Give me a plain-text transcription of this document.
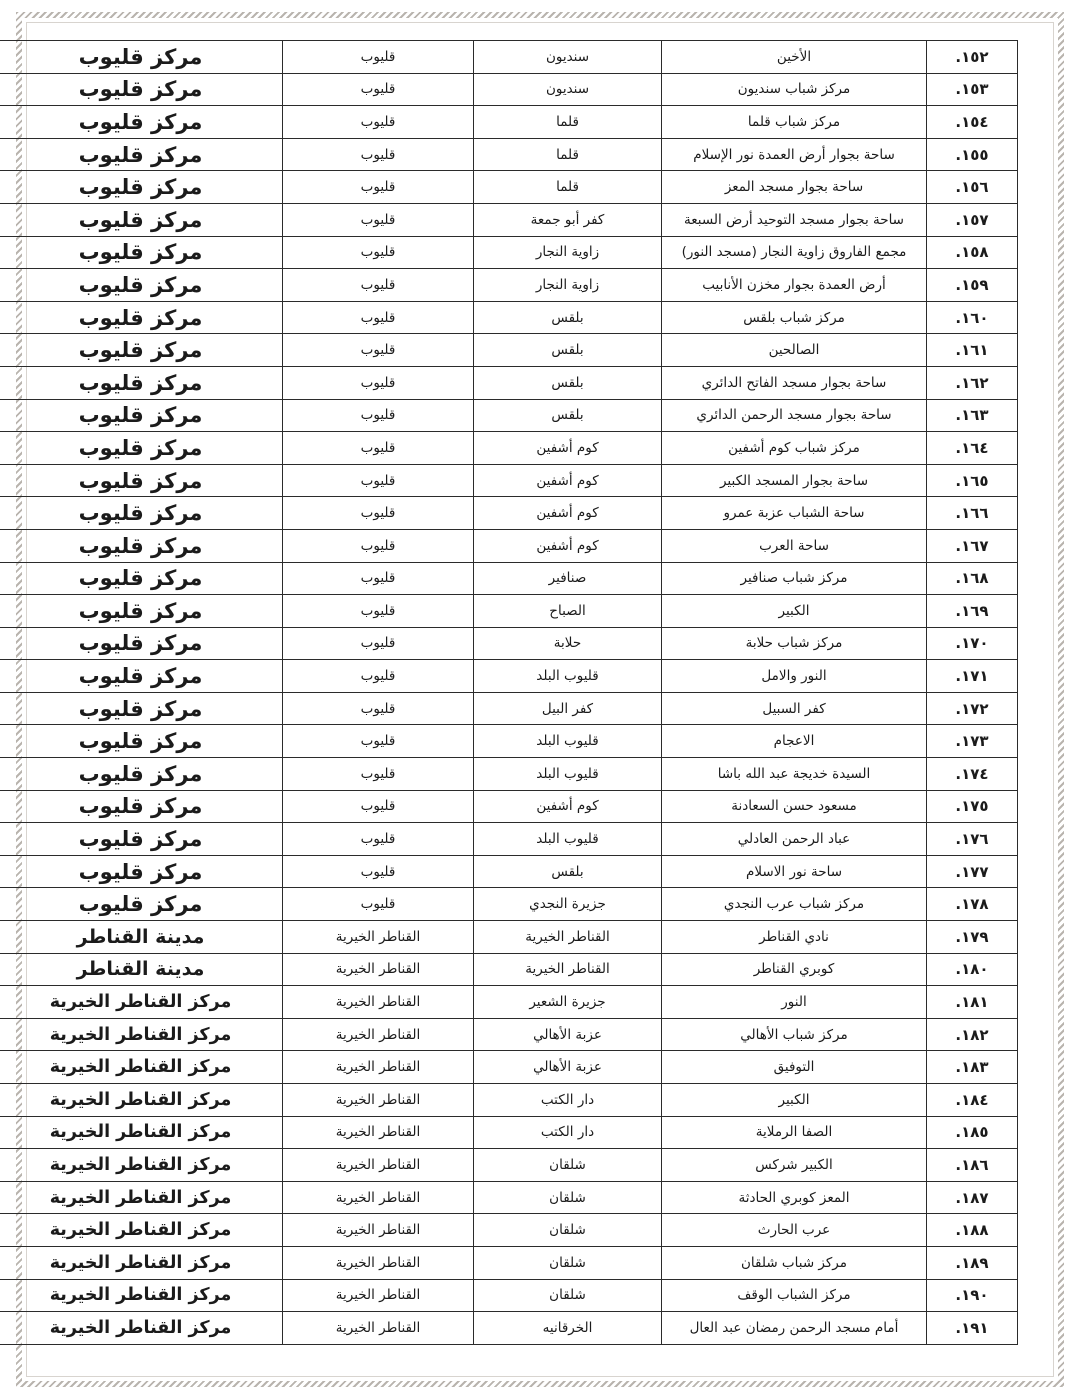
١٥٢.	الأخين	سنديون	قليوب	مركز قليوب
١٥٣.	مركز شباب سنديون	سنديون	قليوب	مركز قليوب
١٥٤.	مركز شباب قلما	قلما	قليوب	مركز قليوب
١٥٥.	ساحة بجوار أرض العمدة نور الإسلام	قلما	قليوب	مركز قليوب
١٥٦.	ساحة بجوار مسجد المعز	قلما	قليوب	مركز قليوب
١٥٧.	ساحة بجوار مسجد التوحيد أرض السبعة	كفر أبو جمعة	قليوب	مركز قليوب
١٥٨.	مجمع الفاروق زاوية النجار (مسجد النور)	زاوية النجار	قليوب	مركز قليوب
١٥٩.	أرض العمدة بجوار مخزن الأنابيب	زاوية النجار	قليوب	مركز قليوب
١٦٠.	مركز شباب بلقس	بلقس	قليوب	مركز قليوب
١٦١.	الصالحين	بلقس	قليوب	مركز قليوب
١٦٢.	ساحة بجوار مسجد الفاتح الدائري	بلقس	قليوب	مركز قليوب
١٦٣.	ساحة بجوار مسجد الرحمن الدائري	بلقس	قليوب	مركز قليوب
١٦٤.	مركز شباب كوم أشفين	كوم أشفين	قليوب	مركز قليوب
١٦٥.	ساحة بجوار المسجد الكبير	كوم أشفين	قليوب	مركز قليوب
١٦٦.	ساحة الشباب عزبة عمرو	كوم أشفين	قليوب	مركز قليوب
١٦٧.	ساحة العرب	كوم أشفين	قليوب	مركز قليوب
١٦٨.	مركز شباب صنافير	صنافير	قليوب	مركز قليوب
١٦٩.	الكبير	الصباح	قليوب	مركز قليوب
١٧٠.	مركز شباب حلابة	حلابة	قليوب	مركز قليوب
١٧١.	النور والامل	قليوب البلد	قليوب	مركز قليوب
١٧٢.	كفر السبيل	كفر البيل	قليوب	مركز قليوب
١٧٣.	الاعجام	قليوب البلد	قليوب	مركز قليوب
١٧٤.	السيدة خديجة عبد الله باشا	قليوب البلد	قليوب	مركز قليوب
١٧٥.	مسعود حسن السعادنة	كوم أشفين	قليوب	مركز قليوب
١٧٦.	عباد الرحمن العادلي	قليوب البلد	قليوب	مركز قليوب
١٧٧.	ساحة نور الاسلام	بلقس	قليوب	مركز قليوب
١٧٨.	مركز شباب عرب النجدي	جزيرة النجدي	قليوب	مركز قليوب
١٧٩.	نادي القناطر	القناطر الخيرية	القناطر الخيرية	مدينة القناطر
١٨٠.	كوبري القناطر	القناطر الخيرية	القناطر الخيرية	مدينة القناطر
١٨١.	النور	جزيرة الشعير	القناطر الخيرية	مركز القناطر الخيرية
١٨٢.	مركز شباب الأهالي	عزبة الأهالي	القناطر الخيرية	مركز القناطر الخيرية
١٨٣.	التوفيق	عزبة الأهالي	القناطر الخيرية	مركز القناطر الخيرية
١٨٤.	الكبير	دار الكتب	القناطر الخيرية	مركز القناطر الخيرية
١٨٥.	الصفا الرملاية	دار الكتب	القناطر الخيرية	مركز القناطر الخيرية
١٨٦.	الكبير شركس	شلقان	القناطر الخيرية	مركز القناطر الخيرية
١٨٧.	المعز كوبري الحادثة	شلقان	القناطر الخيرية	مركز القناطر الخيرية
١٨٨.	عرب الحارث	شلقان	القناطر الخيرية	مركز القناطر الخيرية
١٨٩.	مركز شباب شلقان	شلقان	القناطر الخيرية	مركز القناطر الخيرية
١٩٠.	مركز الشباب الوقف	شلقان	القناطر الخيرية	مركز القناطر الخيرية
١٩١.	أمام مسجد الرحمن رمضان عبد العال	الخرقانيه	القناطر الخيرية	مركز القناطر الخيرية
